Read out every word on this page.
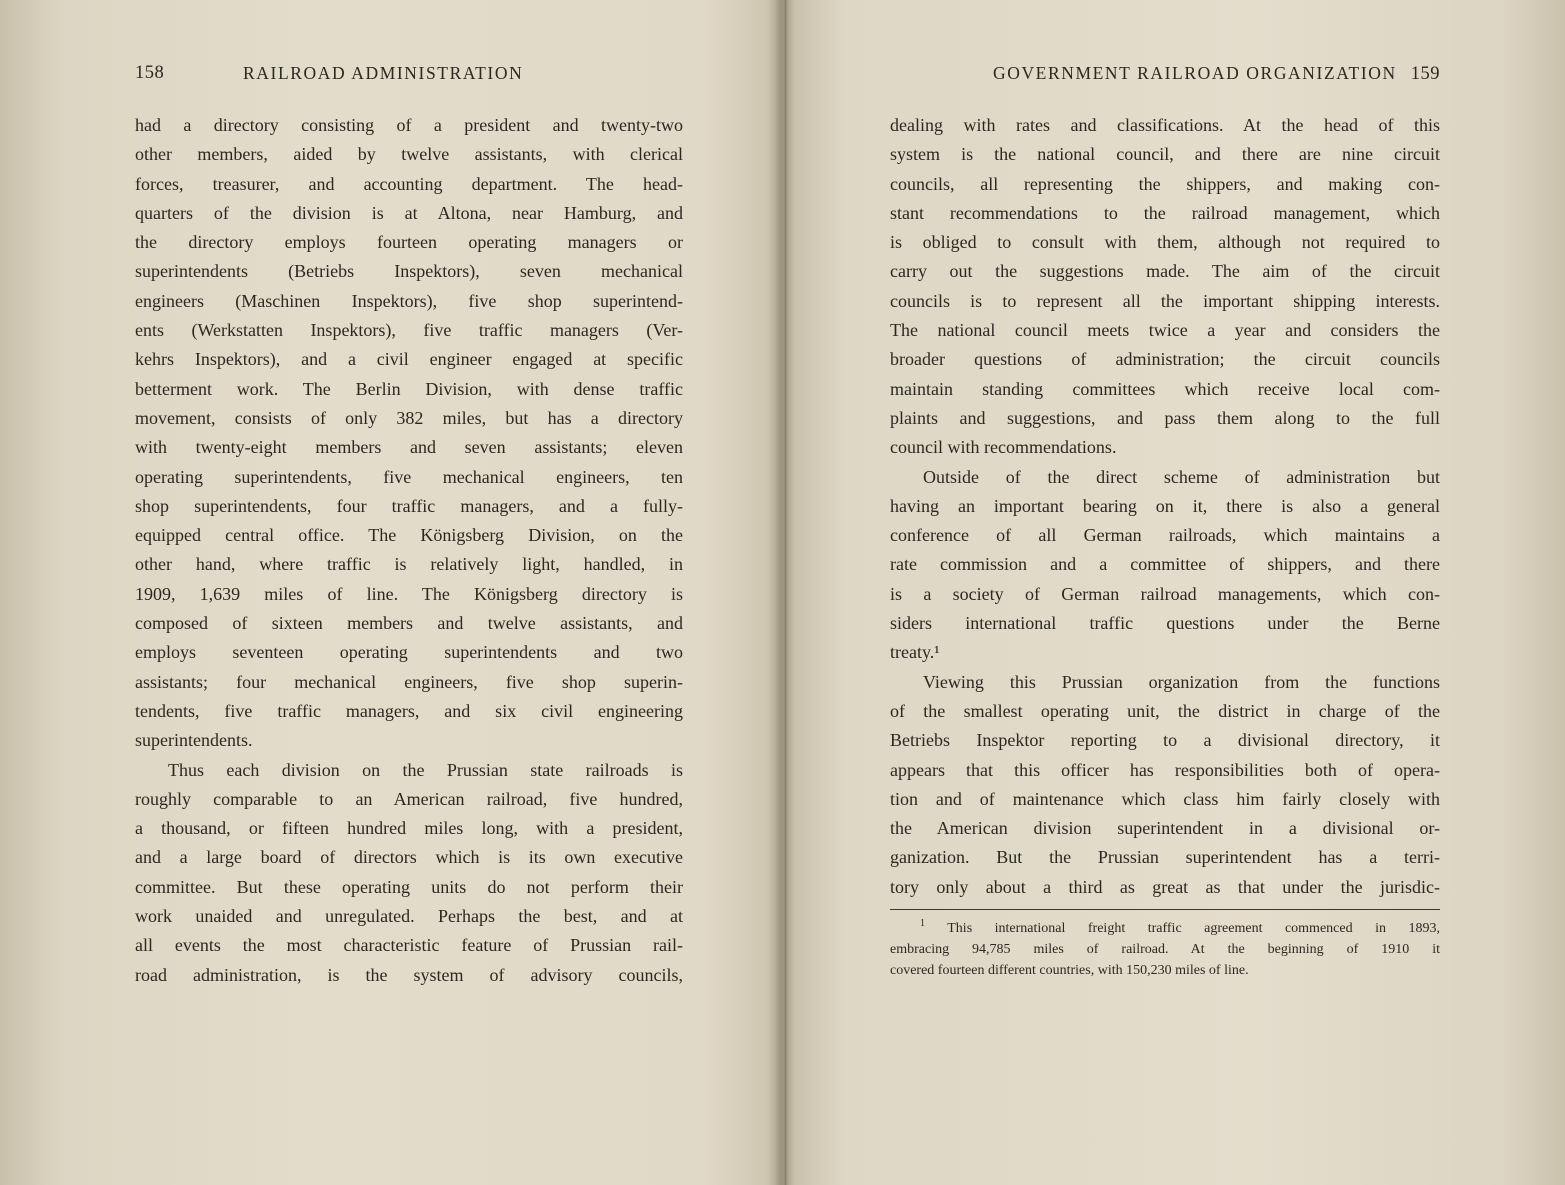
158	RAILROAD ADMINISTRATION
had a directory consisting of a president and twenty-two
other members, aided by twelve assistants, with clerical
forces, treasurer, and accounting department. The head-
quarters of the division is at Altona, near Hamburg, and
the directory employs fourteen operating managers or
superintendents (Betriebs Inspektors), seven mechanical
engineers (Maschinen Inspektors), five shop superintend-
ents (Werkstatten Inspektors), five traffic managers (Ver-
kehrs Inspektors), and a civil engineer engaged at specific
betterment work. The Berlin Division, with dense traffic
movement, consists of only 382 miles, but has a directory
with twenty-eight members and seven assistants; eleven
operating superintendents, five mechanical engineers, ten
shop superintendents, four traffic managers, and a fully-
equipped central office. The Königsberg Division, on the
other hand, where traffic is relatively light, handled, in
1909, 1,639 miles of line. The Königsberg directory is
composed of sixteen members and twelve assistants, and
employs seventeen operating superintendents and two
assistants; four mechanical engineers, five shop superin-
tendents, five traffic managers, and six civil engineering
superintendents.
Thus each division on the Prussian state railroads is
roughly comparable to an American railroad, five hundred,
a thousand, or fifteen hundred miles long, with a president,
and a large board of directors which is its own executive
committee. But these operating units do not perform their
work unaided and unregulated. Perhaps the best, and at
all events the most characteristic feature of Prussian rail-
road administration, is the system of advisory councils,
GOVERNMENT RAILROAD ORGANIZATION 159
dealing with rates and classifications. At the head of this
system is the national council, and there are nine circuit
councils, all representing the shippers, and making con-
stant recommendations to the railroad management, which
is obliged to consult with them, although not required to
carry out the suggestions made. The aim of the circuit
councils is to represent all the important shipping interests.
The national council meets twice a year and considers the
broader questions of administration; the circuit councils
maintain standing committees which receive local com-
plaints and suggestions, and pass them along to the full
council with recommendations.
Outside of the direct scheme of administration but
having an important bearing on it, there is also a general
conference of all German railroads, which maintains a
rate commission and a committee of shippers, and there
is a society of German railroad managements, which con-
siders international traffic questions under the Berne
treaty.¹
Viewing this Prussian organization from the functions
of the smallest operating unit, the district in charge of the
Betriebs Inspektor reporting to a divisional directory, it
appears that this officer has responsibilities both of opera-
tion and of maintenance which class him fairly closely with
the American division superintendent in a divisional or-
ganization. But the Prussian superintendent has a terri-
tory only about a third as great as that under the jurisdic-
$^1$ This international freight traffic agreement commenced in 1893,
embracing 94,785 miles of railroad. At the beginning of 1910 it
covered fourteen different countries, with 150,230 miles of line.
